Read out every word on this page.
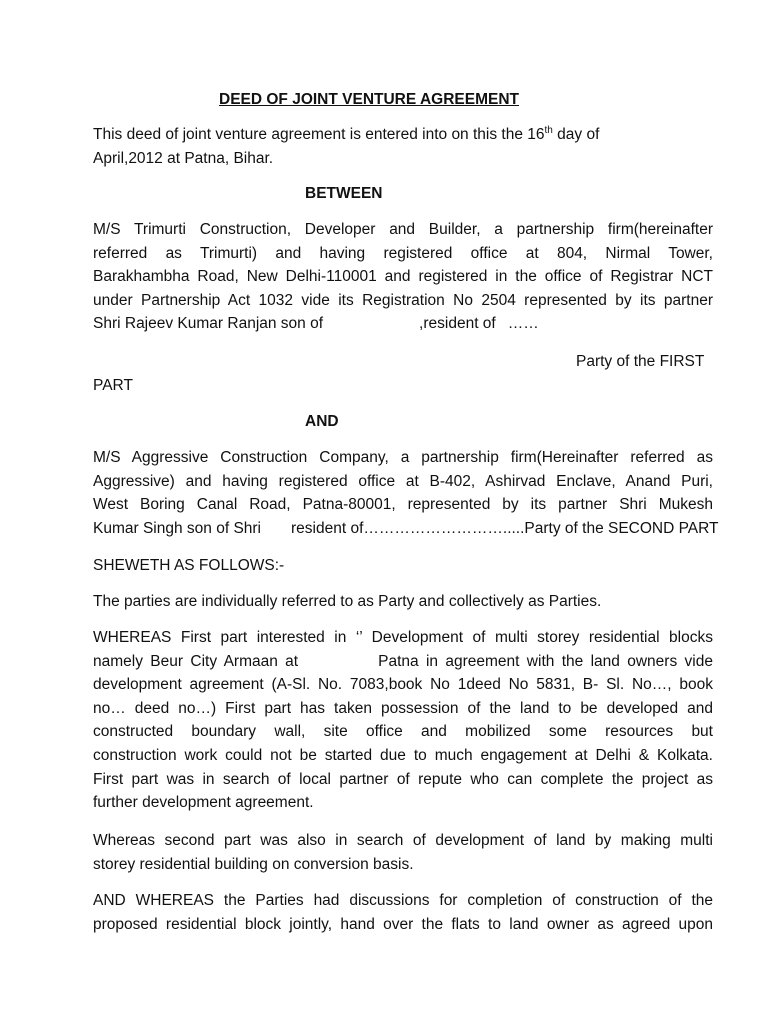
DEED OF JOINT VENTURE AGREEMENT
This deed of joint venture agreement is entered into on this the 16th day of
April,2012 at Patna, Bihar.
BETWEEN
M/S Trimurti Construction, Developer and Builder, a partnership firm(hereinafter
referred as Trimurti) and having registered office at 804, Nirmal Tower,
Barakhambha Road, New Delhi-110001 and registered in the office of Registrar NCT
under Partnership Act 1032 vide its Registration No 2504 represented by its partner
Shri Rajeev Kumar Ranjan son of	,resident of ……
Party of the FIRST
PART
AND
M/S Aggressive Construction Company, a partnership firm(Hereinafter referred as
Aggressive) and having registered office at B-402, Ashirvad Enclave, Anand Puri,
West Boring Canal Road, Patna-80001, represented by its partner Shri Mukesh
Kumar Singh son of Shri resident of……………………….....Party of the SECOND PART
SHEWETH AS FOLLOWS:-
The parties are individually referred to as Party and collectively as Parties.
WHEREAS First part interested in ‘’ Development of multi storey residential blocks
namely Beur City Armaan at	Patna in agreement with the land owners vide
development agreement (A-Sl. No. 7083,book No 1deed No 5831, B- Sl. No…, book
no… deed no…) First part has taken possession of the land to be developed and
constructed boundary wall, site office and mobilized some resources but
construction work could not be started due to much engagement at Delhi & Kolkata.
First part was in search of local partner of repute who can complete the project as
further development agreement.
Whereas second part was also in search of development of land by making multi
storey residential building on conversion basis.
AND WHEREAS the Parties had discussions for completion of construction of the
proposed residential block jointly, hand over the flats to land owner as agreed upon
